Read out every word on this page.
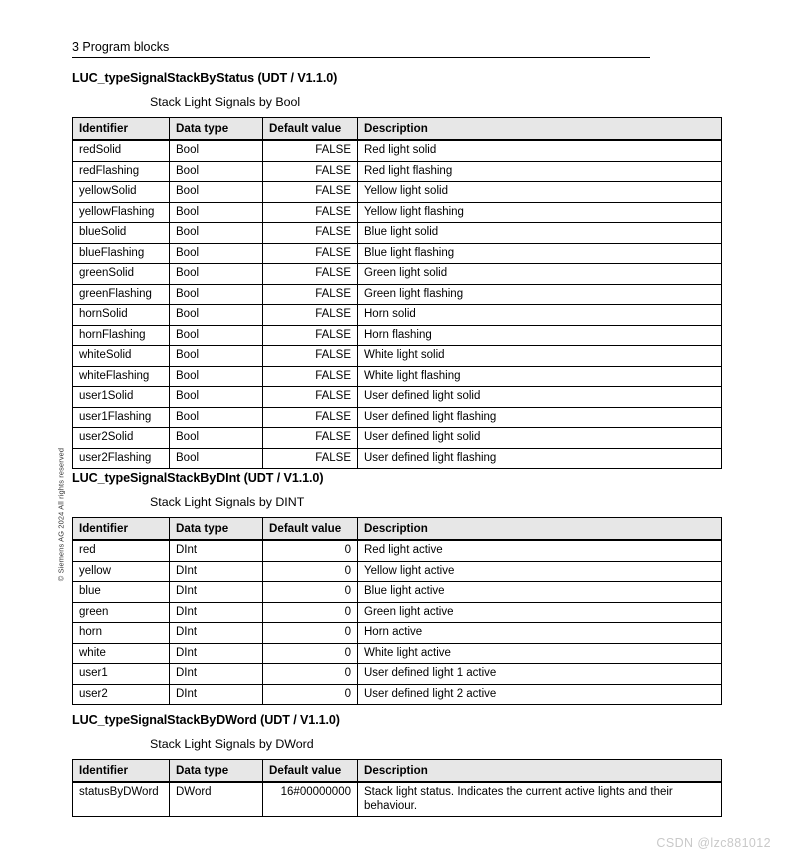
3 Program blocks
© Siemens AG 2024 All rights reserved
LUC_typeSignalStackByStatus (UDT / V1.1.0)
Stack Light Signals by Bool
Identifier	Data type	Default value	Description
redSolid	Bool	FALSE	Red light solid
redFlashing	Bool	FALSE	Red light flashing
yellowSolid	Bool	FALSE	Yellow light solid
yellowFlashing	Bool	FALSE	Yellow light flashing
blueSolid	Bool	FALSE	Blue light solid
blueFlashing	Bool	FALSE	Blue light flashing
greenSolid	Bool	FALSE	Green light solid
greenFlashing	Bool	FALSE	Green light flashing
hornSolid	Bool	FALSE	Horn solid
hornFlashing	Bool	FALSE	Horn flashing
whiteSolid	Bool	FALSE	White light solid
whiteFlashing	Bool	FALSE	White light flashing
user1Solid	Bool	FALSE	User defined light solid
user1Flashing	Bool	FALSE	User defined light flashing
user2Solid	Bool	FALSE	User defined light solid
user2Flashing	Bool	FALSE	User defined light flashing
LUC_typeSignalStackByDInt (UDT / V1.1.0)
Stack Light Signals by DINT
Identifier	Data type	Default value	Description
red	DInt	0	Red light active
yellow	DInt	0	Yellow light active
blue	DInt	0	Blue light active
green	DInt	0	Green light active
horn	DInt	0	Horn active
white	DInt	0	White light active
user1	DInt	0	User defined light 1 active
user2	DInt	0	User defined light 2 active
LUC_typeSignalStackByDWord (UDT / V1.1.0)
Stack Light Signals by DWord
Identifier	Data type	Default value	Description
statusByDWord	DWord	16#00000000	Stack light status. Indicates the current active lights and their behaviour.
CSDN @lzc881012
